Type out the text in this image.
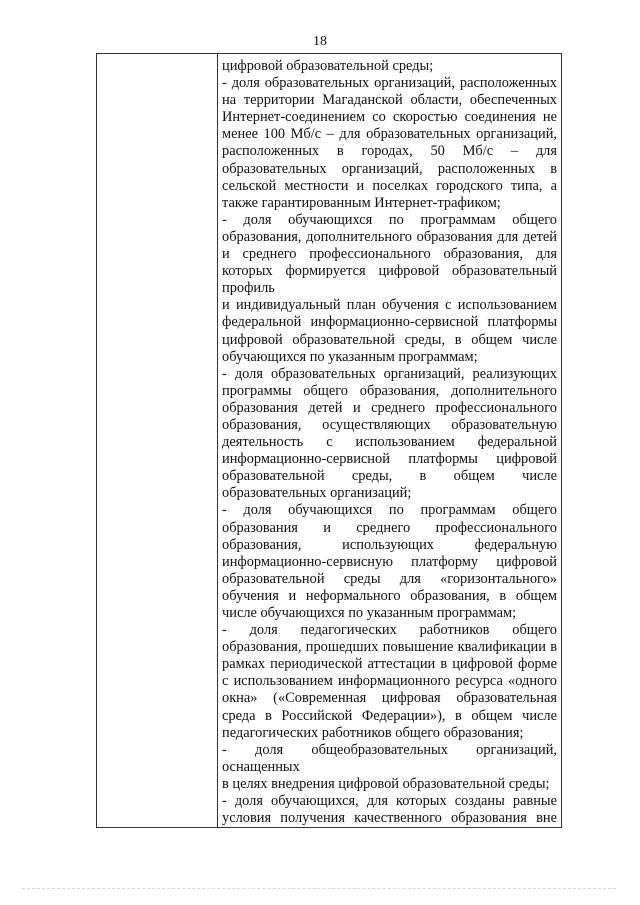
18

цифровой образовательной среды;

- доля образовательных организаций, расположенных на территории Магаданской области, обеспеченных Интернет-соединением со скоростью соединения не менее 100 Мб/с – для образовательных организаций, расположенных в городах, 50 Мб/с – для образовательных организаций, расположенных в сельской местности и поселках городского типа, а также гарантированным Интернет-трафиком;

- доля обучающихся по программам общего образования, дополнительного образования для детей и среднего профессионального образования, для которых формируется цифровой образовательный профиль

и индивидуальный план обучения с использованием федеральной информационно-сервисной платформы цифровой образовательной среды, в общем числе обучающихся по указанным программам;

- доля образовательных организаций, реализующих программы общего образования, дополнительного образования детей и среднего профессионального образования, осуществляющих образовательную деятельность с использованием федеральной информационно-сервисной платформы цифровой образовательной среды, в общем числе образовательных организаций;

- доля обучающихся по программам общего образования и среднего профессионального образования, использующих федеральную информационно-сервисную платформу цифровой образовательной среды для «горизонтального» обучения и неформального образования, в общем числе обучающихся по указанным программам;

- доля педагогических работников общего образования, прошедших повышение квалификации в рамках периодической аттестации в цифровой форме с использованием информационного ресурса «одного окна» («Современная цифровая образовательная среда в Российской Федерации»), в общем числе педагогических работников общего образования;

- доля общеобразовательных организаций, оснащенных

в целях внедрения цифровой образовательной среды;

- доля обучающихся, для которых созданы равные условия получения качественного образования вне
